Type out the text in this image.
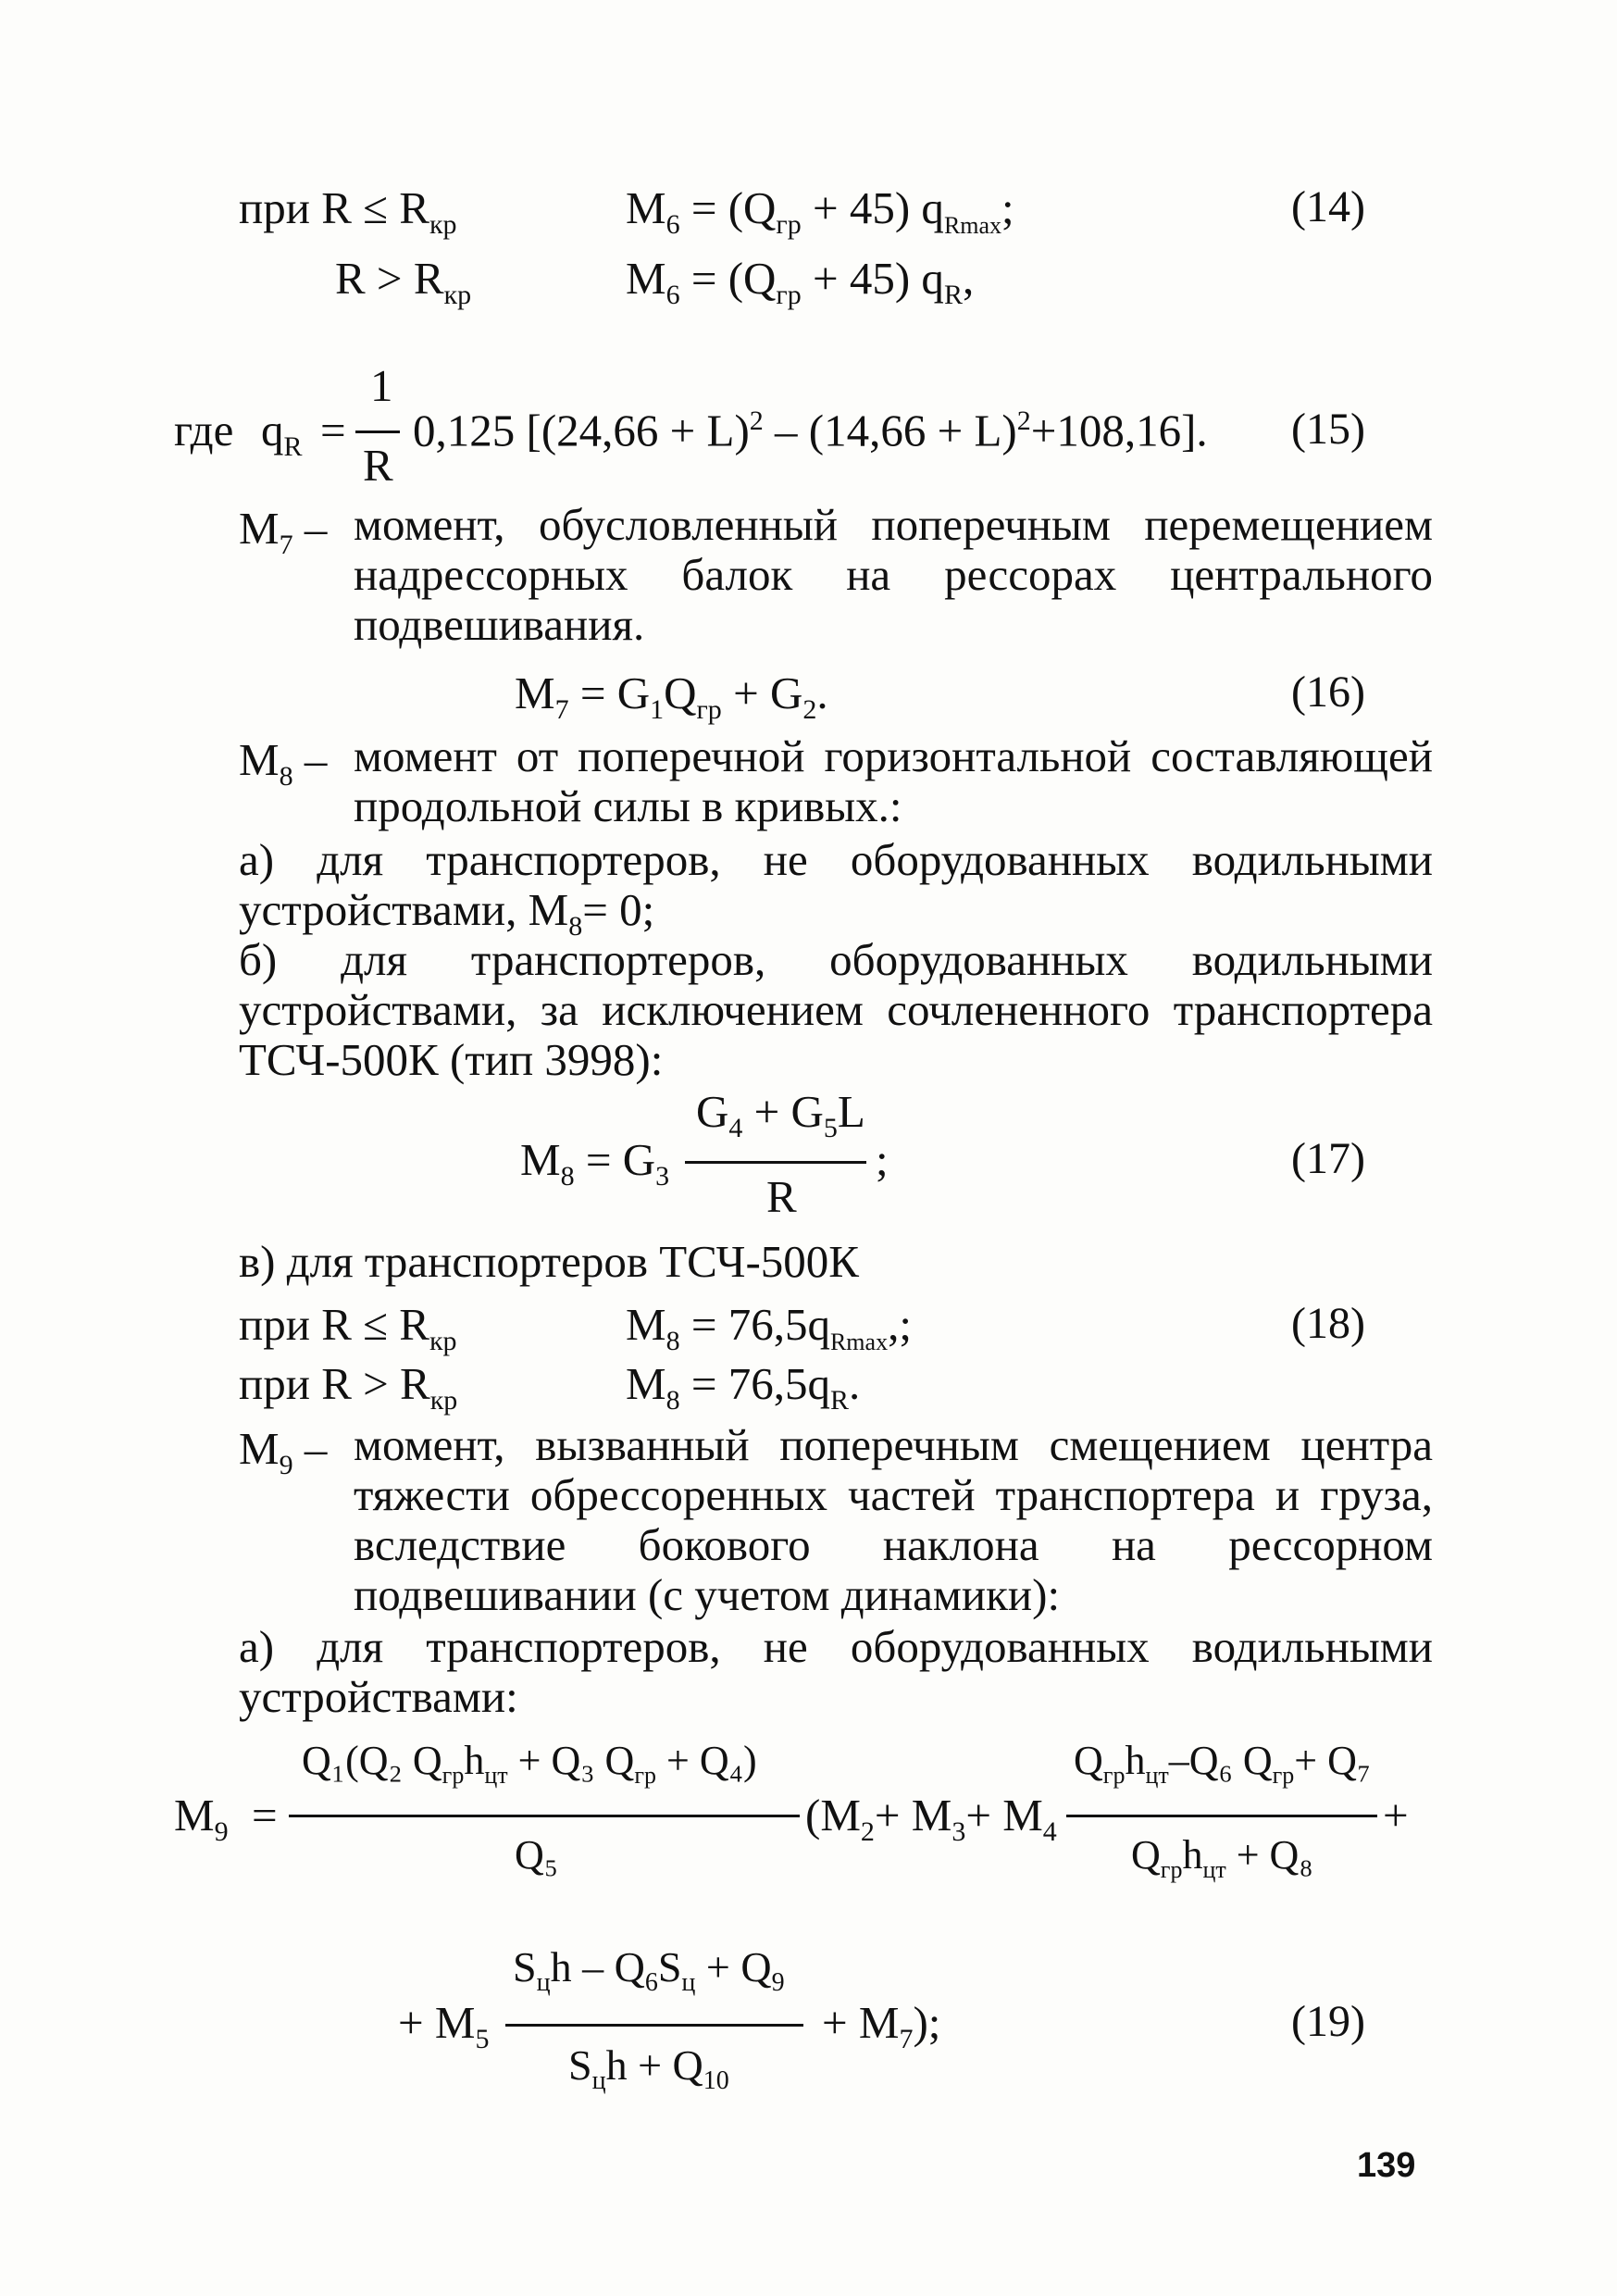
при $R \le R_{кр}$	$M_6 = (Q_{гр} + 45)$ $q_{Rmax}$;	(14)
$R > R_{кр}$	$M_6 = (Q_{гр} + 45)$ $q_R$,
где $q_R$ =
1
R
0,125 $[(24,66 + L)^2 - (14,66 + L)^2+108,16]$. (15)
$M_7$ – момент, обусловленный поперечным перемещением надрессорных балок на рессорах центрального подвешивания.
$M_7 = G_1Q_{гр} + G_2$.	(16)
$M_8$ – момент от поперечной горизонтальной составляющей продольной силы в кривых.:
а) для транспортеров, не оборудованных водильными устройствами, $M_8= 0$;
б) для транспортеров, оборудованных водильными устройствами, за исключением сочлененного транспортера ТСЧ-500К (тип 3998):
$M_8 = G_3$
$G_4 + G_5L$
R
;	(17)
в) для транспортеров ТСЧ-500К
при $R \le R_{кр}$	$M_8 = 76,5q_{Rmax}$,;	(18)
при $R > R_{кр}$	$M_8 = 76,5q_R$.
$M_9$ – момент, вызванный поперечным смещением центра тяжести обрессоренных частей транспортера и груза, вследствие бокового наклона на рессорном подвешивании (с учетом динамики):
а) для транспортеров, не оборудованных водильными устройствами:
$M_9$ =
Q₁(Q₂ $Q_{гр}h_{цт} + Q_3$ $Q_{гр} + Q_4$)
Q₅
($M_2+ M_3+ M_4$
$Q_{гр}h_{цт}-Q_6$ $Q_{гр}+ Q_7$
$Q_{гр}h_{цт} + Q_8$
+
+ $M_5$
$S_цh - Q_6S_ц + Q_9$
$S_цh + Q_{10}$
+ $M_7$);	(19)
139
